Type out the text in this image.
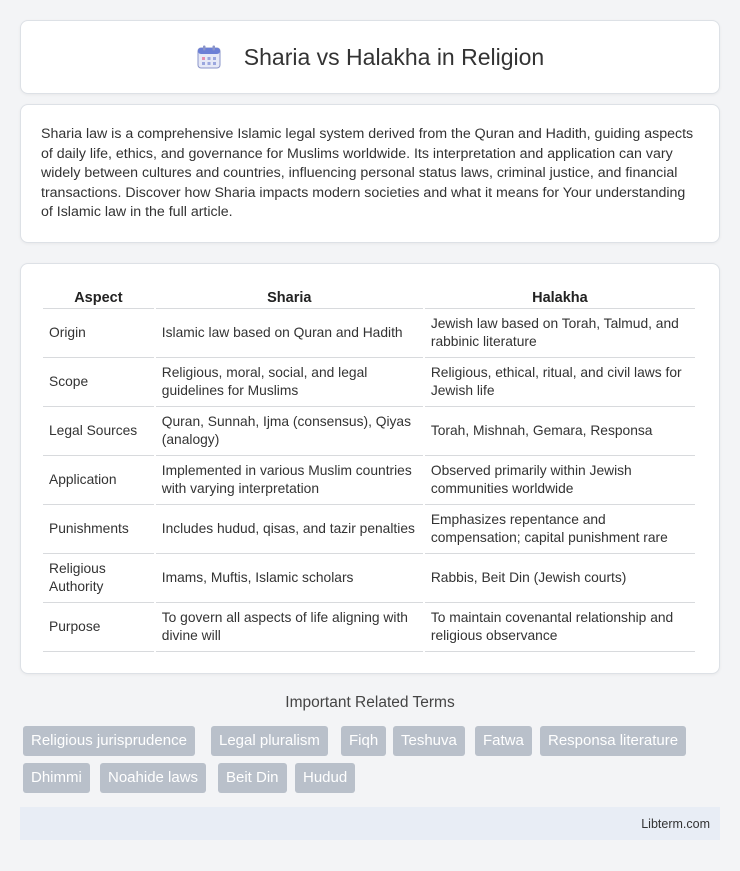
Sharia vs Halakha in Religion

Sharia law is a comprehensive Islamic legal system derived from the Quran and Hadith, guiding aspects of daily life, ethics, and governance for Muslims worldwide. Its interpretation and application can vary widely between cultures and countries, influencing personal status laws, criminal justice, and financial transactions. Discover how Sharia impacts modern societies and what it means for Your understanding of Islamic law in the full article.

Aspect	Sharia	Halakha
Origin	Islamic law based on Quran and Hadith	Jewish law based on Torah, Talmud, and rabbinic literature
Scope	Religious, moral, social, and legal guidelines for Muslims	Religious, ethical, ritual, and civil laws for Jewish life
Legal Sources	Quran, Sunnah, Ijma (consensus), Qiyas (analogy)	Torah, Mishnah, Gemara, Responsa
Application	Implemented in various Muslim countries with varying interpretation	Observed primarily within Jewish communities worldwide
Punishments	Includes hudud, qisas, and tazir penalties	Emphasizes repentance and compensation; capital punishment rare
Religious Authority	Imams, Muftis, Islamic scholars	Rabbis, Beit Din (Jewish courts)
Purpose	To govern all aspects of life aligning with divine will	To maintain covenantal relationship and religious observance
Important Related Terms
Religious jurisprudence	Legal pluralism	Fiqh	Teshuva	Fatwa	Responsa literature
Dhimmi	Noahide laws	Beit Din	Hudud
Libterm.com
